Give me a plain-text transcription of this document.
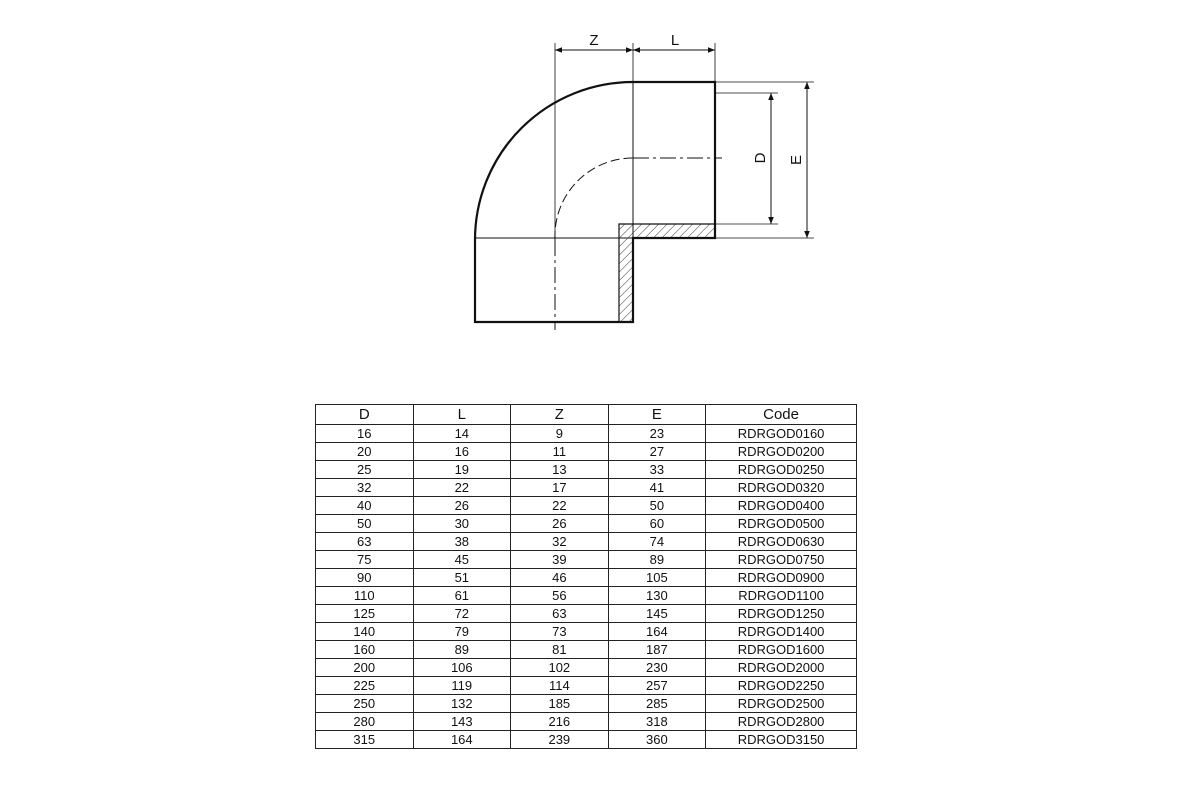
Z	L
D E
D	L	Z	E	Code
16	14	9	23	RDRGOD0160
20	16	11	27	RDRGOD0200
25	19	13	33	RDRGOD0250
32	22	17	41	RDRGOD0320
40	26	22	50	RDRGOD0400
50	30	26	60	RDRGOD0500
63	38	32	74	RDRGOD0630
75	45	39	89	RDRGOD0750
90	51	46	105	RDRGOD0900
110	61	56	130	RDRGOD1100
125	72	63	145	RDRGOD1250
140	79	73	164	RDRGOD1400
160	89	81	187	RDRGOD1600
200	106	102	230	RDRGOD2000
225	119	114	257	RDRGOD2250
250	132	185	285	RDRGOD2500
280	143	216	318	RDRGOD2800
315	164	239	360	RDRGOD3150
